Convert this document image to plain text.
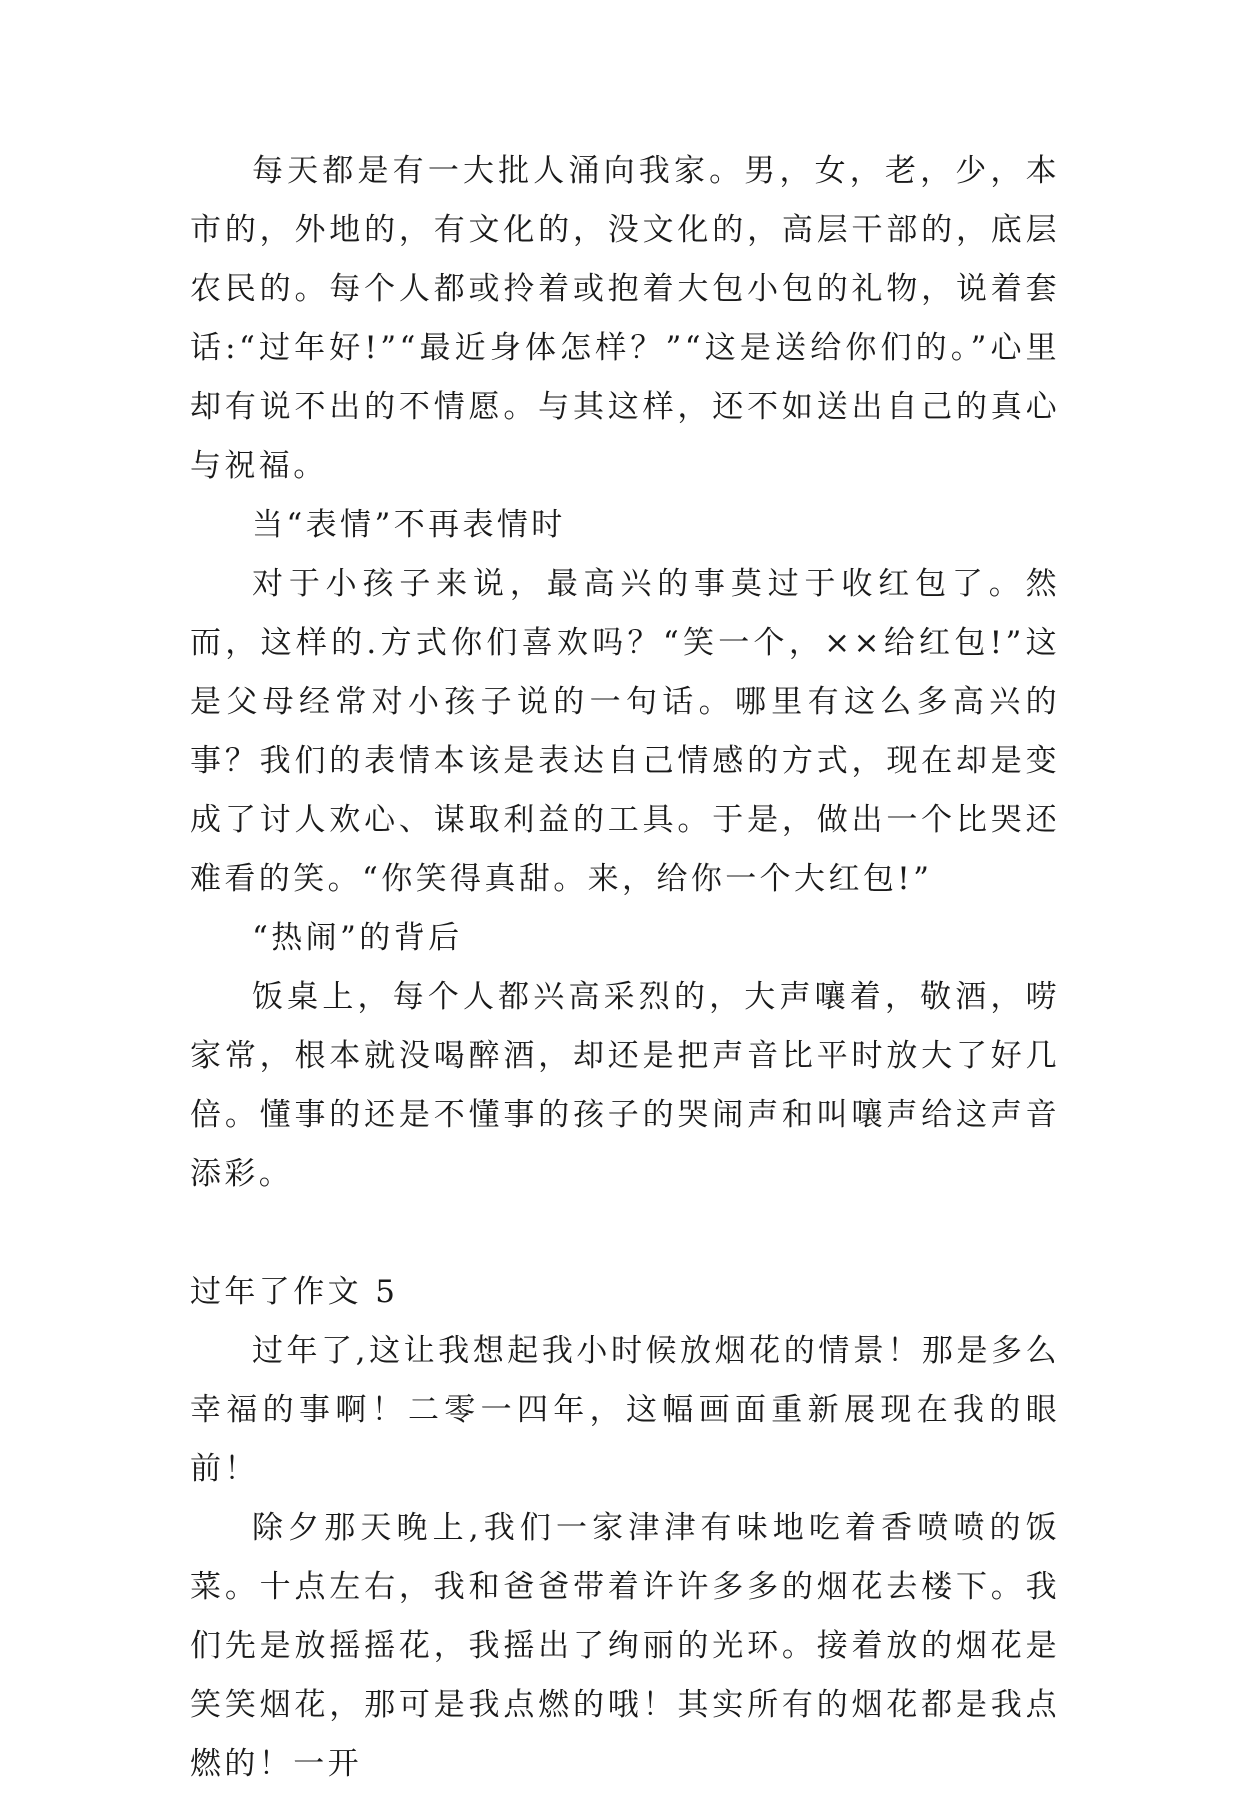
每天都是有一大批人涌向我家。男，女，老，少，本市的，外地的，有文化的，没文化的，高层干部的，底层农民的。每个人都或拎着或抱着大包小包的礼物，说着套话:“过年好!”“最近身体怎样？”“这是送给你们的。”心里却有说不出的不情愿。与其这样，还不如送出自己的真心与祝福。

当“表情”不再表情时

对于小孩子来说，最高兴的事莫过于收红包了。然而，这样的.方式你们喜欢吗？“笑一个，××给红包!”这是父母经常对小孩子说的一句话。哪里有这么多高兴的事？我们的表情本该是表达自己情感的方式，现在却是变成了讨人欢心、谋取利益的工具。于是，做出一个比哭还难看的笑。“你笑得真甜。来，给你一个大红包!”

“热闹”的背后

饭桌上，每个人都兴高采烈的，大声嚷着，敬酒，唠家常，根本就没喝醉酒，却还是把声音比平时放大了好几倍。懂事的还是不懂事的孩子的哭闹声和叫嚷声给这声音添彩。

过年了作文 5

过年了,这让我想起我小时候放烟花的情景！那是多么幸福的事啊！二零一四年，这幅画面重新展现在我的眼前！

除夕那天晚上,我们一家津津有味地吃着香喷喷的饭菜。十点左右，我和爸爸带着许许多多的烟花去楼下。我们先是放摇摇花，我摇出了绚丽的光环。接着放的烟花是笑笑烟花，那可是我点燃的哦！其实所有的烟花都是我点燃的！一开
